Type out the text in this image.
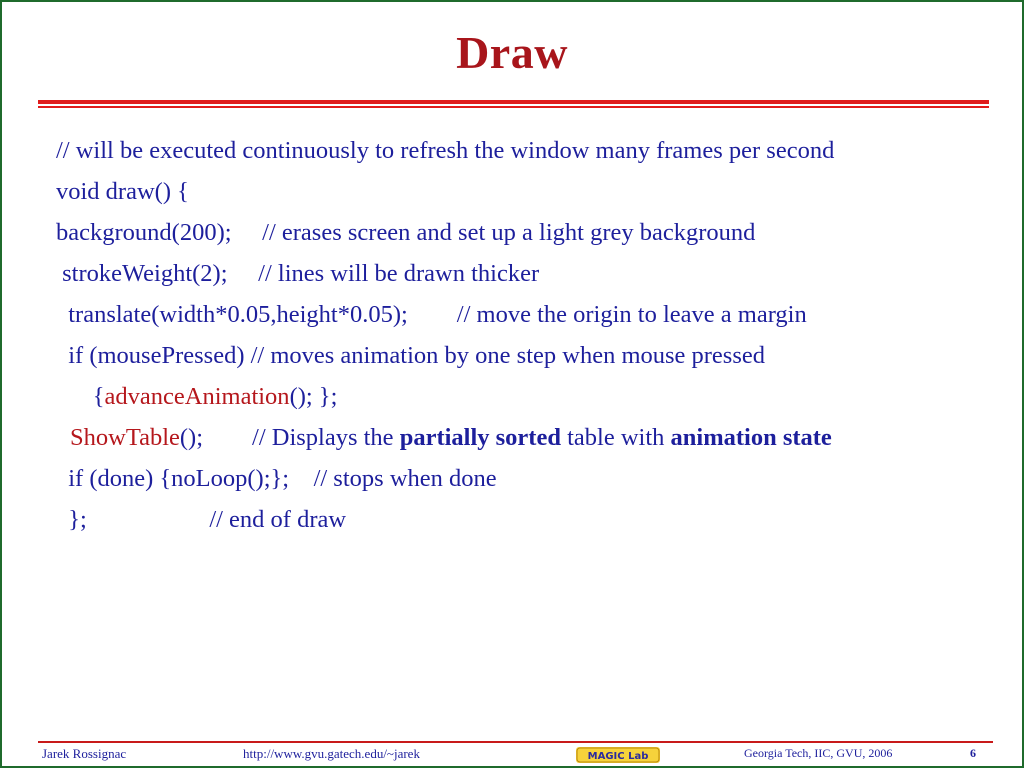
Draw
// will be executed continuously to refresh the window many frames per second
void draw() {
background(200);     // erases screen and set up a light grey background
strokeWeight(2);     // lines will be drawn thicker
translate(width*0.05,height*0.05);        // move the origin to leave a margin
if (mousePressed) // moves animation by one step when mouse pressed
{advanceAnimation(); };
ShowTable();        // Displays the partially sorted table with animation state
if (done) {noLoop();};    // stops when done
};                    // end of draw
Jarek Rossignac	http://www.gvu.gatech.edu/~jarek	MAGIC Lab	Georgia Tech, IIC, GVU, 2006	6
